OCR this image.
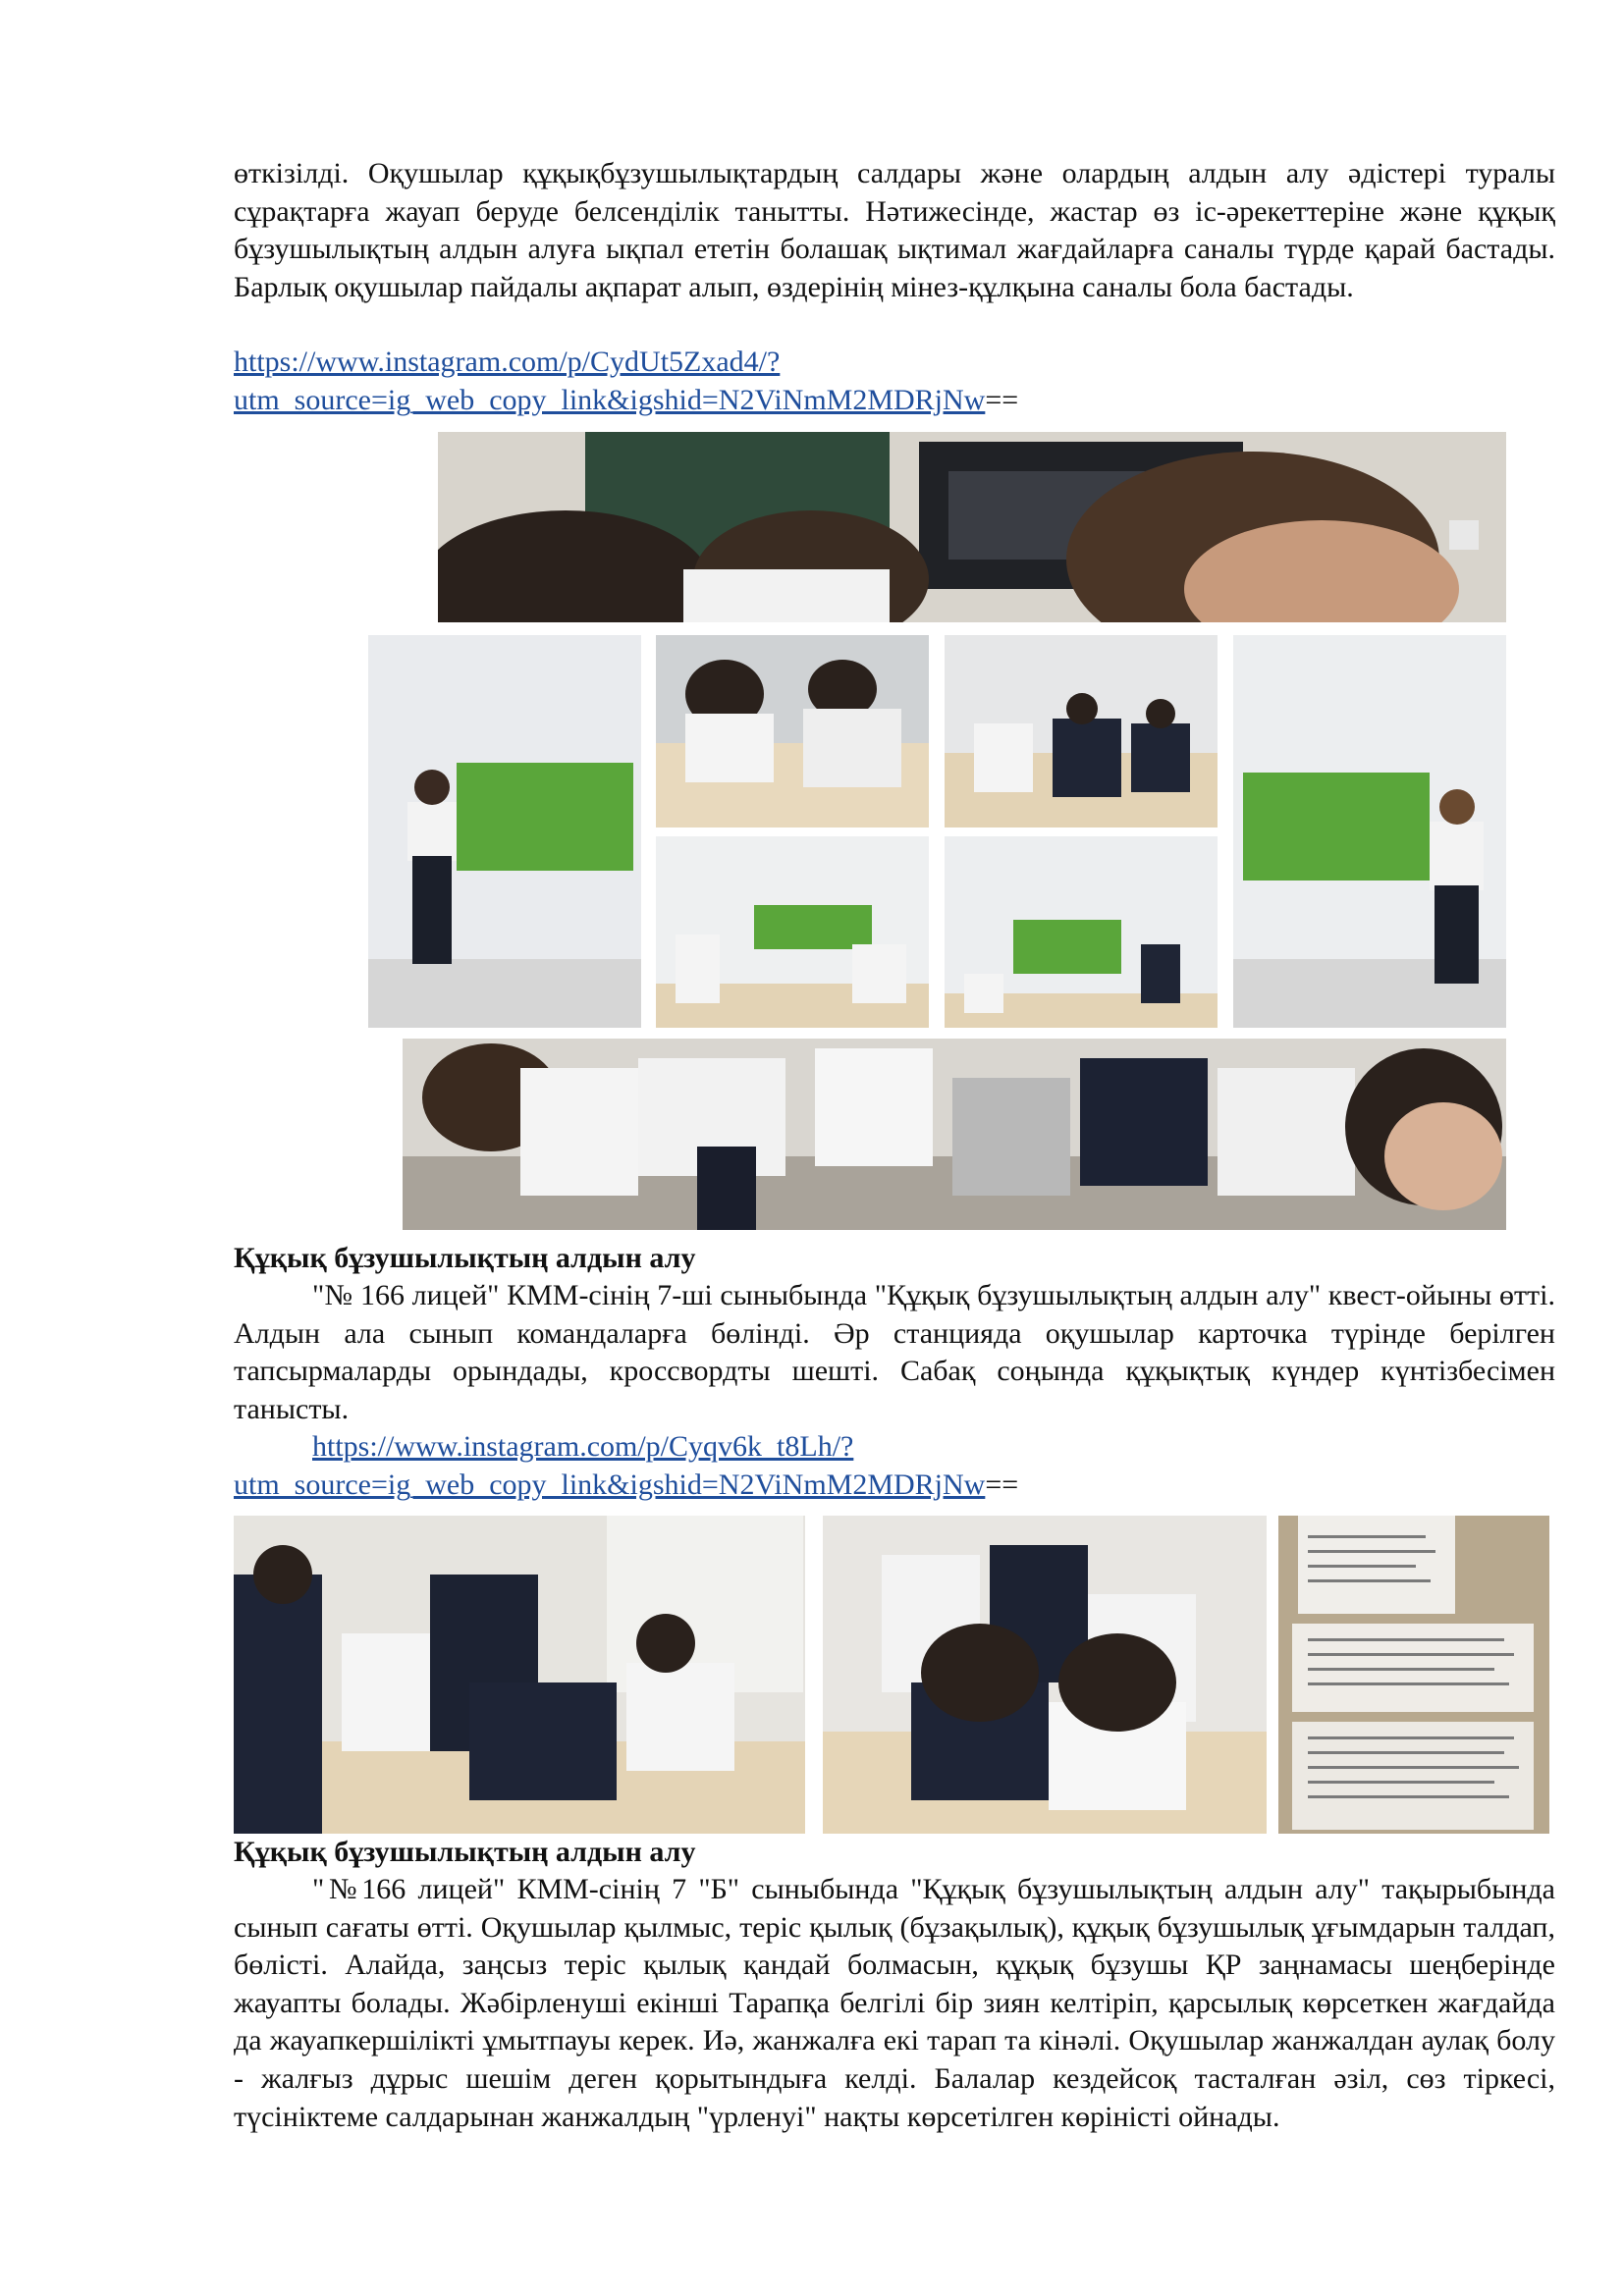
өткізілді. Оқушылар құқықбұзушылықтардың салдары және олардың алдын алу әдістері туралы сұрақтарға жауап беруде белсенділік танытты. Нәтижесінде, жастар өз іс-әрекеттеріне және құқық бұзушылықтың алдын алуға ықпал ететін болашақ ықтимал жағдайларға саналы түрде қарай бастады. Барлық оқушылар пайдалы ақпарат алып, өздерінің мінез-құлқына саналы бола бастады.

https://www.instagram.com/p/CydUt5Zxad4/?
utm_source=ig_web_copy_link&igshid=N2ViNmM2MDRjNw==
Құқық бұзушылықтың алдын алу

"№ 166 лицей" КММ-сінің 7-ші сыныбында "Құқық бұзушылықтың алдын алу" квест-ойыны өтті. Алдын ала сынып командаларға бөлінді. Әр станцияда оқушылар карточка түрінде берілген тапсырмаларды орындады, кроссвордты шешті. Сабақ соңында құқықтық күндер күнтізбесімен танысты.

https://www.instagram.com/p/Cyqv6k_t8Lh/?
utm_source=ig_web_copy_link&igshid=N2ViNmM2MDRjNw==
Құқық бұзушылықтың алдын алу

"№166 лицей" КММ-сінің 7 "Б" сыныбында "Құқық бұзушылықтың алдын алу" тақырыбында сынып сағаты өтті. Оқушылар қылмыс, теріс қылық (бұзақылық), құқық бұзушылық ұғымдарын талдап, бөлісті. Алайда, заңсыз теріс қылық қандай болмасын, құқық бұзушы ҚР заңнамасы шеңберінде жауапты болады. Жәбірленуші екінші Тарапқа белгілі бір зиян келтіріп, қарсылық көрсеткен жағдайда да жауапкершілікті ұмытпауы керек. Иә, жанжалға екі тарап та кінәлі. Оқушылар жанжалдан аулақ болу - жалғыз дұрыс шешім деген қорытындыға келді. Балалар кездейсоқ тасталған әзіл, сөз тіркесі, түсініктеме салдарынан жанжалдың "үрленуі" нақты көрсетілген көріністі ойнады.
